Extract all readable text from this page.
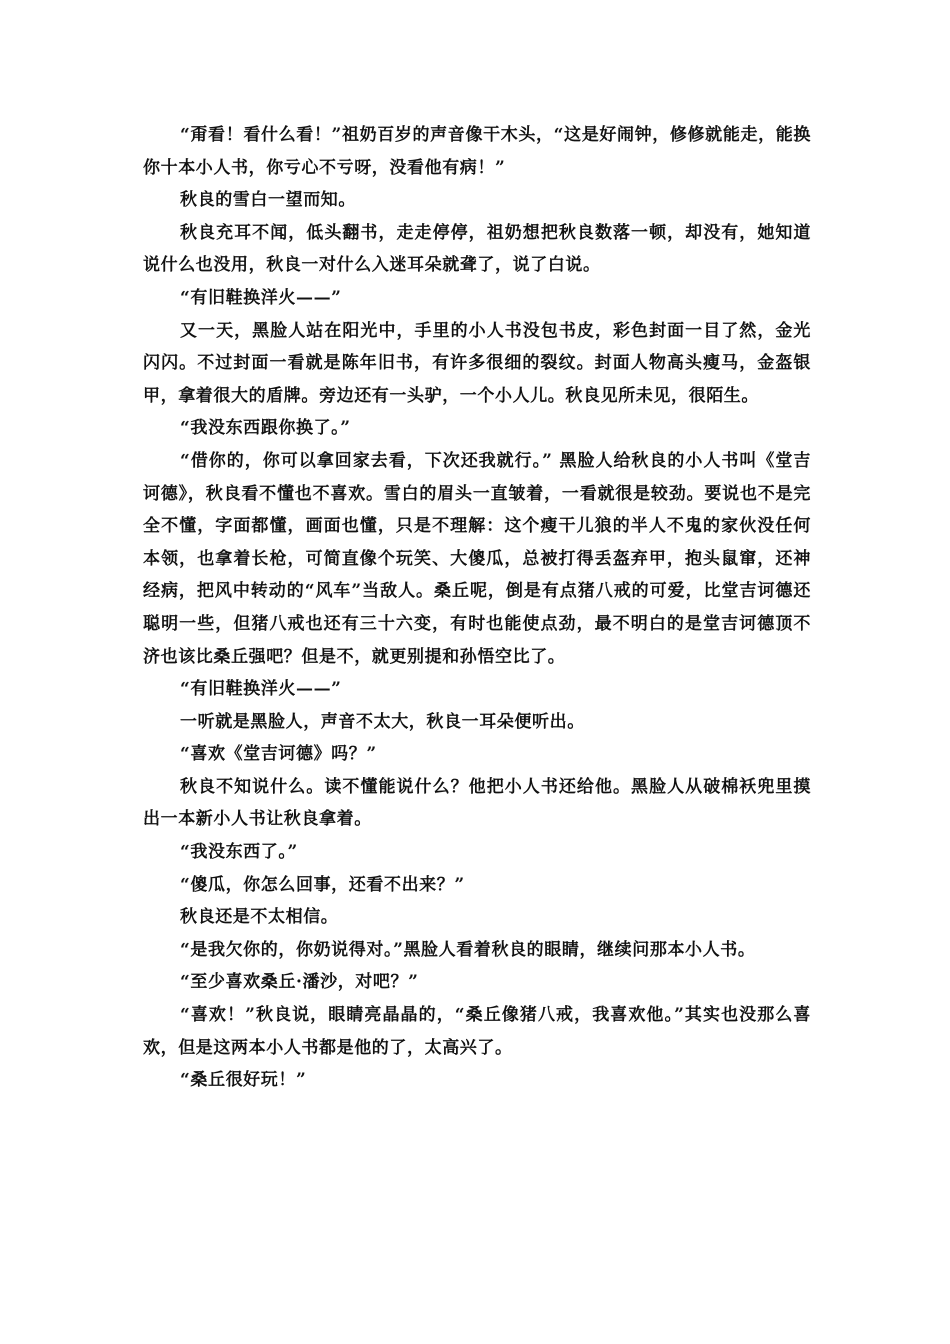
“甭看！看什么看！”祖奶百岁的声音像干木头，“这是好闹钟，修修就能走，能换你十本小人书，你亏心不亏呀，没看他有病！”

秋良的雪白一望而知。

秋良充耳不闻，低头翻书，走走停停，祖奶想把秋良数落一顿，却没有，她知道说什么也没用，秋良一对什么入迷耳朵就聋了，说了白说。

“有旧鞋换洋火——”

又一天，黑脸人站在阳光中，手里的小人书没包书皮，彩色封面一目了然，金光闪闪。不过封面一看就是陈年旧书，有许多很细的裂纹。封面人物高头瘦马，金盔银甲，拿着很大的盾牌。旁边还有一头驴，一个小人儿。秋良见所未见，很陌生。

“我没东西跟你换了。”

“借你的，你可以拿回家去看，下次还我就行。” 黑脸人给秋良的小人书叫《堂吉诃德》，秋良看不懂也不喜欢。雪白的眉头一直皱着，一看就很是较劲。要说也不是完全不懂，字面都懂，画面也懂，只是不理解：这个瘦干儿狼的半人不鬼的家伙没任何本领，也拿着长枪，可简直像个玩笑、大傻瓜，总被打得丢盔弃甲，抱头鼠窜，还神经病，把风中转动的“风车”当敌人。桑丘呢，倒是有点猪八戒的可爱，比堂吉诃德还聪明一些，但猪八戒也还有三十六变，有时也能使点劲，最不明白的是堂吉诃德顶不济也该比桑丘强吧？但是不，就更别提和孙悟空比了。

“有旧鞋换洋火——”

一听就是黑脸人，声音不太大，秋良一耳朵便听出。

“喜欢《堂吉诃德》吗？”

秋良不知说什么。读不懂能说什么？他把小人书还给他。黑脸人从破棉袄兜里摸出一本新小人书让秋良拿着。

“我没东西了。”

“傻瓜，你怎么回事，还看不出来？”

秋良还是不太相信。

“是我欠你的，你奶说得对。”黑脸人看着秋良的眼睛，继续问那本小人书。

“至少喜欢桑丘·潘沙，对吧？”

“喜欢！”秋良说，眼睛亮晶晶的，“桑丘像猪八戒，我喜欢他。”其实也没那么喜欢，但是这两本小人书都是他的了，太高兴了。

“桑丘很好玩！”
